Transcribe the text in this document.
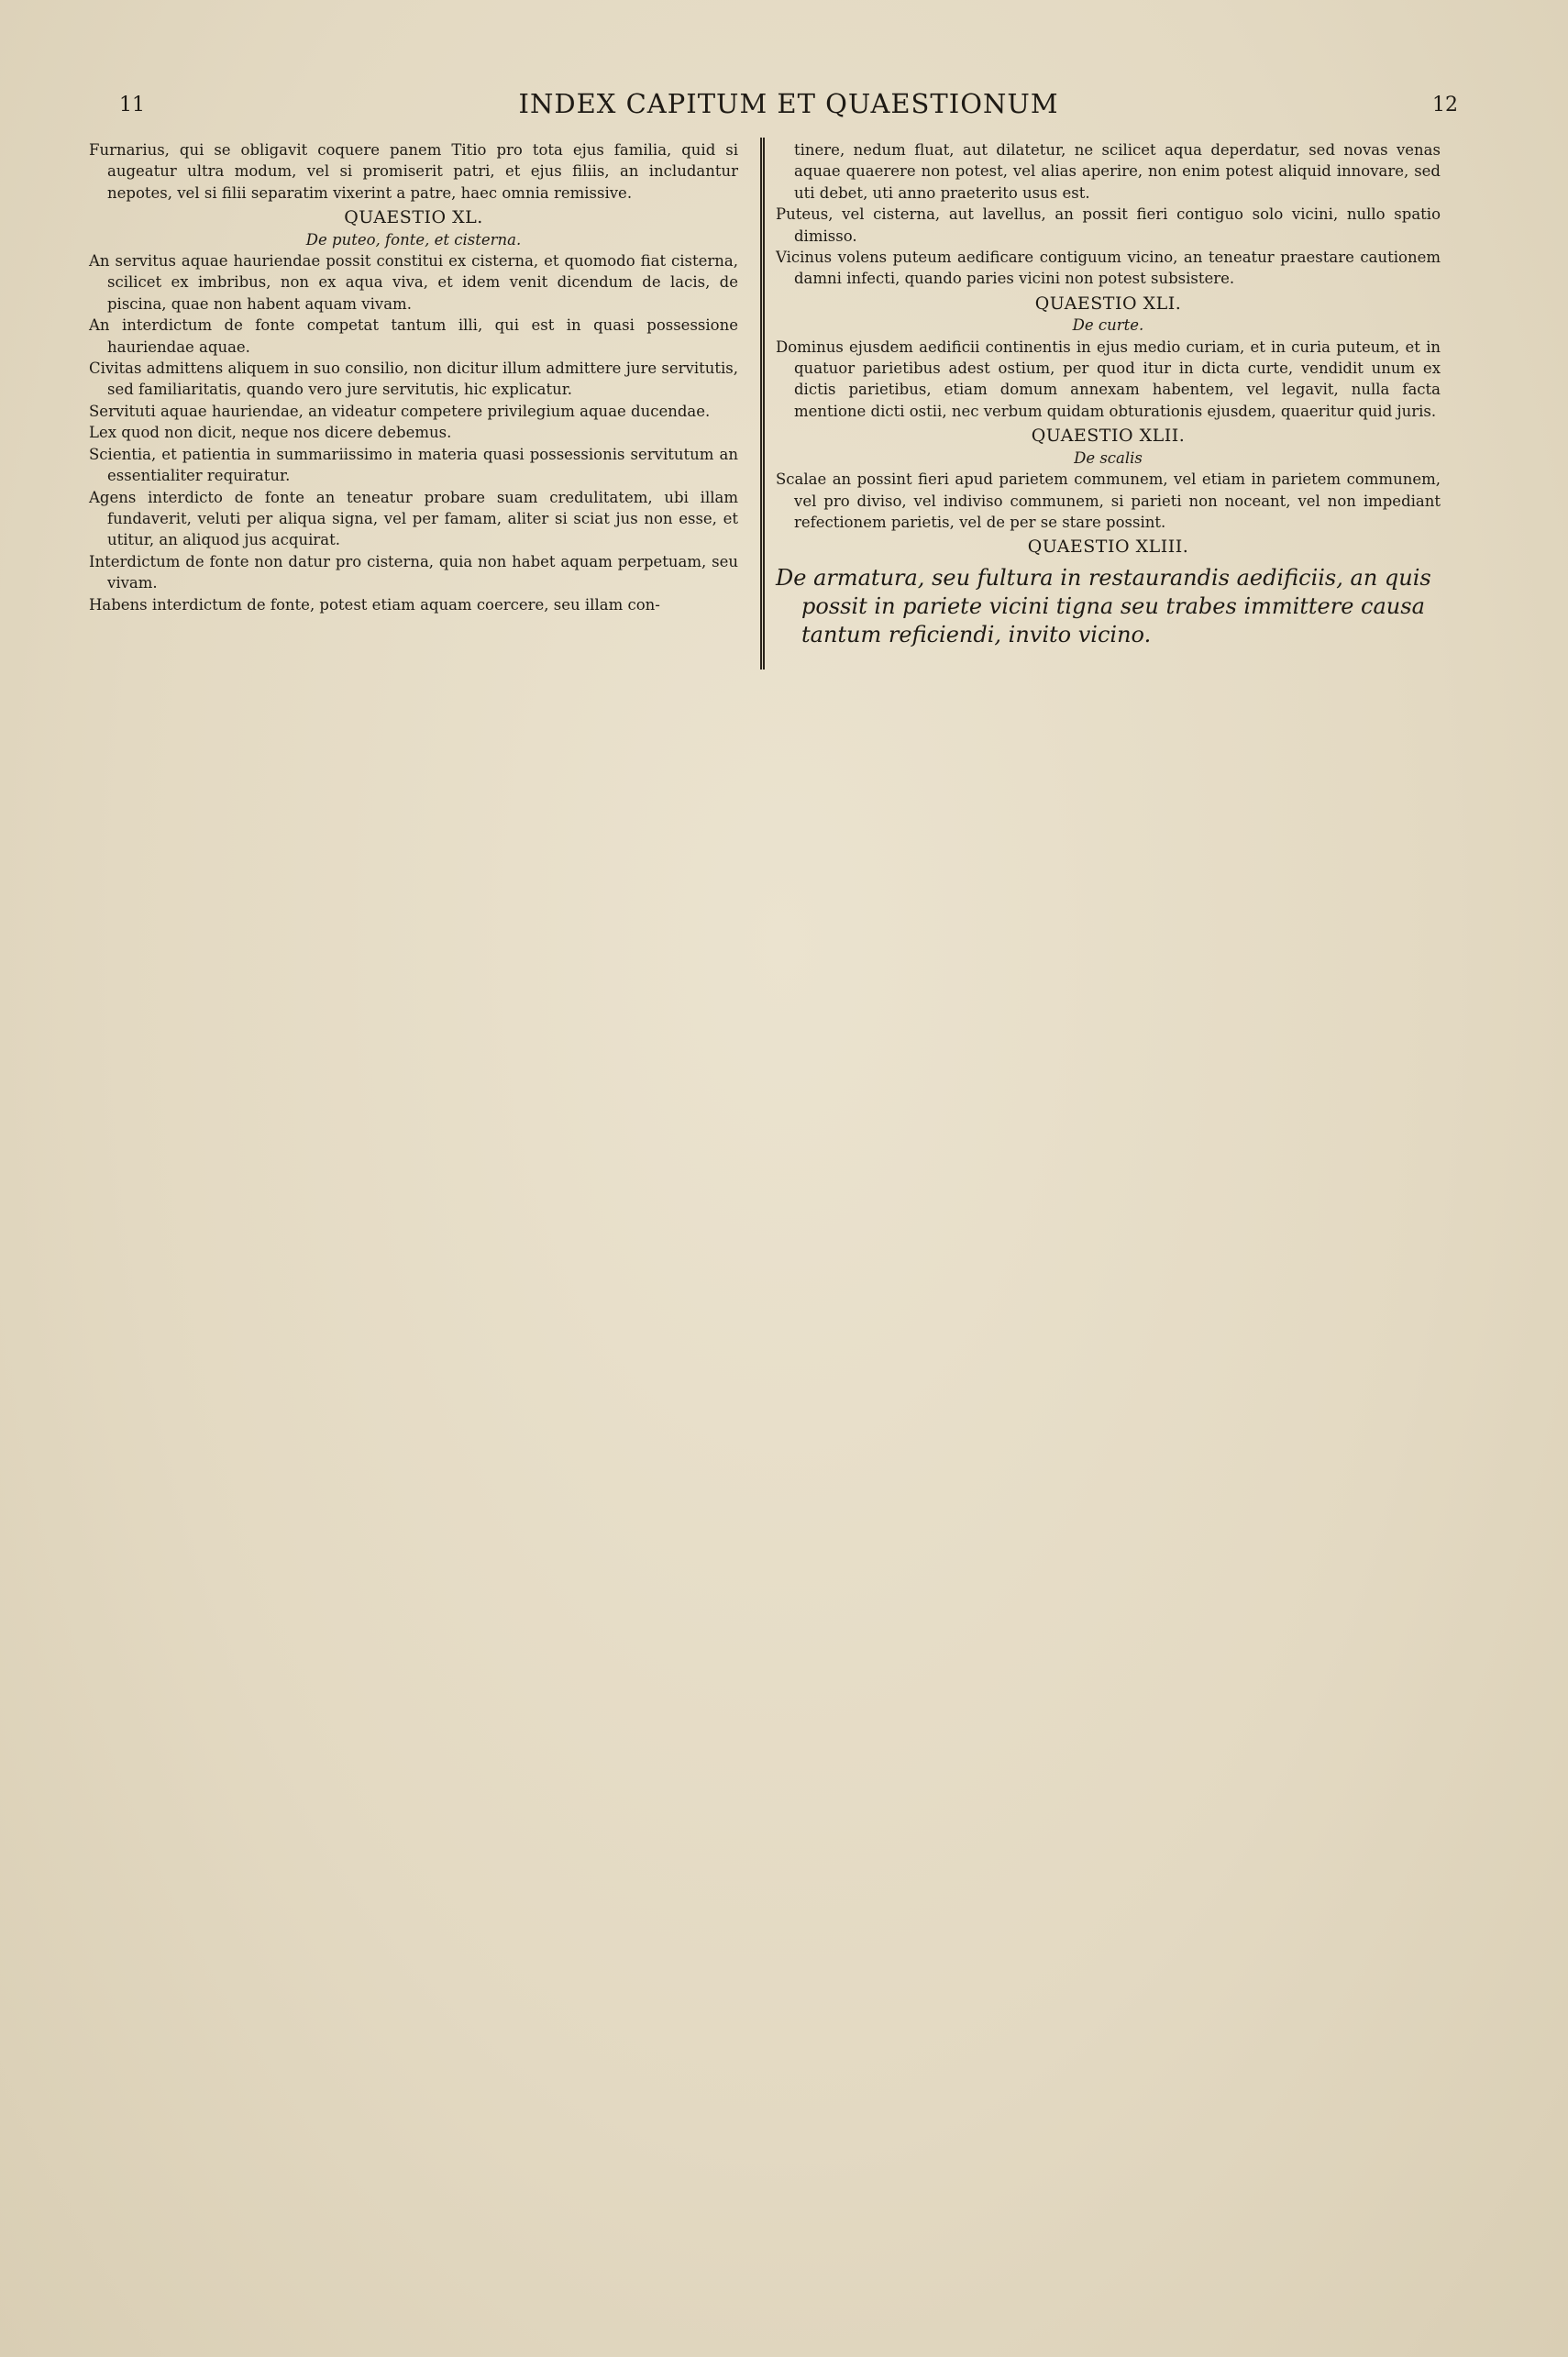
11	INDEX CAPITUM ET QUAESTIONUM	12

Furnarius, qui se obligavit coquere panem Titio pro tota ejus familia, quid si augeatur ultra modum, vel si promiserit patri, et ejus filiis, an includantur nepotes, vel si filii separatim vixerint a patre, haec omnia remissive.

QUAESTIO XL.

De puteo, fonte, et cisterna.

An servitus aquae hauriendae possit constitui ex cisterna, et quomodo fiat cisterna, scilicet ex imbribus, non ex aqua viva, et idem venit dicendum de lacis, de piscina, quae non habent aquam vivam.

An interdictum de fonte competat tantum illi, qui est in quasi possessione hauriendae aquae.

Civitas admittens aliquem in suo consilio, non dicitur illum admittere jure servitutis, sed familiaritatis, quando vero jure servitutis, hic explicatur.

Servituti aquae hauriendae, an videatur competere privilegium aquae ducendae.

Lex quod non dicit, neque nos dicere debemus.

Scientia, et patientia in summariissimo in materia quasi possessionis servitutum an essentialiter requiratur.

Agens interdicto de fonte an teneatur probare suam credulitatem, ubi illam fundaverit, veluti per aliqua signa, vel per famam, aliter si sciat jus non esse, et utitur, an aliquod jus acquirat.

Interdictum de fonte non datur pro cisterna, quia non habet aquam perpetuam, seu vivam.

Habens interdictum de fonte, potest etiam aquam coercere, seu illam con-

tinere, nedum fluat, aut dilatetur, ne scilicet aqua deperdatur, sed novas venas aquae quaerere non potest, vel alias aperire, non enim potest aliquid innovare, sed uti debet, uti anno praeterito usus est.

Puteus, vel cisterna, aut lavellus, an possit fieri contiguo solo vicini, nullo spatio dimisso.

Vicinus volens puteum aedificare contiguum vicino, an teneatur praestare cautionem damni infecti, quando paries vicini non potest subsistere.

QUAESTIO XLI.

De curte.

Dominus ejusdem aedificii continentis in ejus medio curiam, et in curia puteum, et in quatuor parietibus adest ostium, per quod itur in dicta curte, vendidit unum ex dictis parietibus, etiam domum annexam habentem, vel legavit, nulla facta mentione dicti ostii, nec verbum quidam obturationis ejusdem, quaeritur quid juris.

QUAESTIO XLII.

De scalis

Scalae an possint fieri apud parietem communem, vel etiam in parietem communem, vel pro diviso, vel indiviso communem, si parieti non noceant, vel non impediant refectionem parietis, vel de per se stare possint.

QUAESTIO XLIII.

De armatura, seu fultura in restaurandis aedificiis, an quis possit in pariete vicini tigna seu trabes immittere causa tantum reficiendi, invito vicino.
